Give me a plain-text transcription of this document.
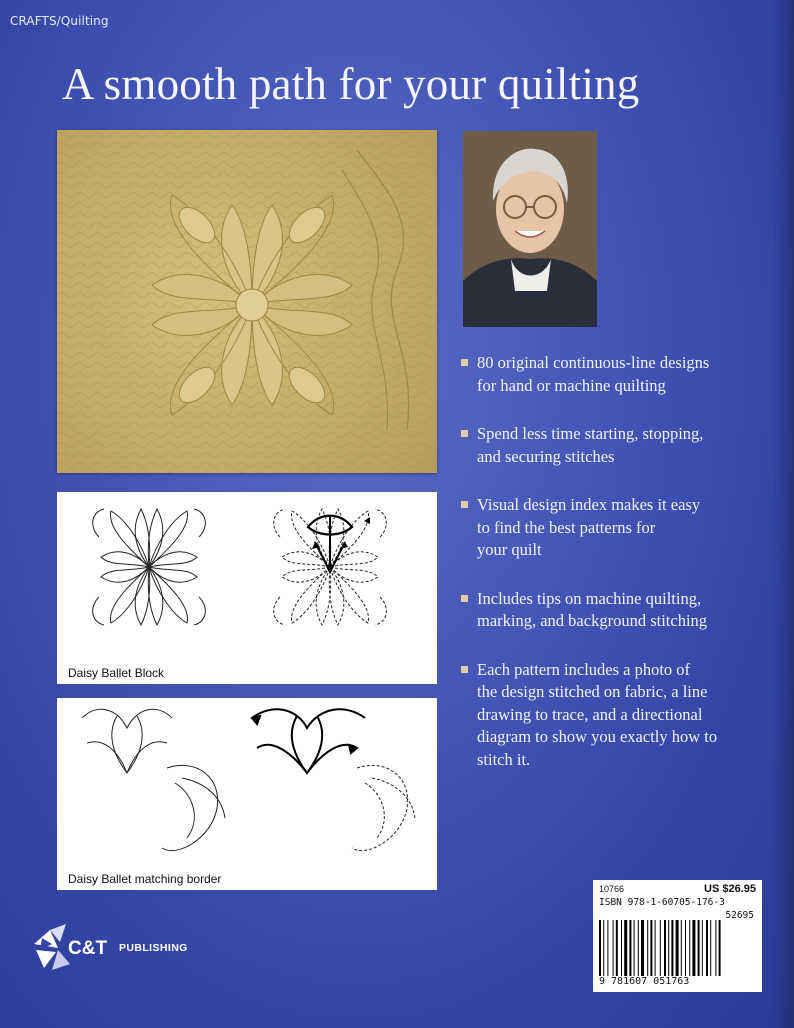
CRAFTS/Quilting
A smooth path for your quilting
Daisy Ballet Block
Daisy Ballet matching border
80 original continuous-line designs
for hand or machine quilting
Spend less time starting, stopping,
and securing stitches
Visual design index makes it easy
to find the best patterns for
your quilt
Includes tips on machine quilting,
marking, and background stitching
Each pattern includes a photo of
the design stitched on fabric, a line
drawing to trace, and a directional
diagram to show you exactly how to
stitch it.
10766	US $26.95
ISBN 978-1-60705-176-3
52695
9 781607 051763
C&T PUBLISHING
